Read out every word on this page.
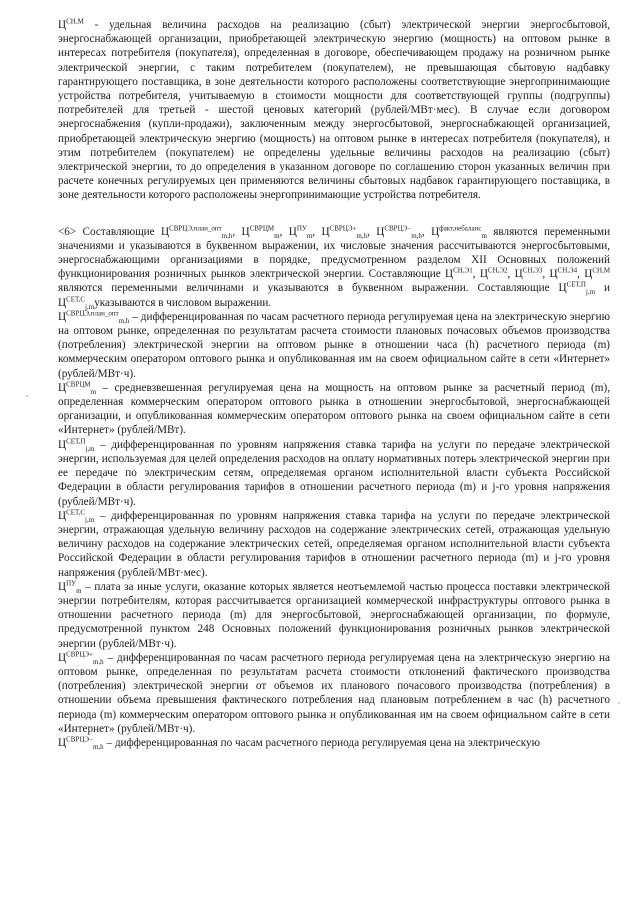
$Ц^{СН,М}$ - удельная величина расходов на реализацию (сбыт) электрической энергии энергосбытовой, энергоснабжающей организации, приобретающей электрическую энергию (мощность) на оптовом рынке в интересах потребителя (покупателя), определенная в договоре, обеспечивающем продажу на розничном рынке электрической энергии, с таким потребителем (покупателем), не превышающая сбытовую надбавку гарантирующего поставщика, в зоне деятельности которого расположены соответствующие энергопринимающие устройства потребителя, учитываемую в стоимости мощности для соответствующей группы (подгруппы) потребителей для третьей - шестой ценовых категорий (рублей/МВт·мес). В случае если договором энергоснабжения (купли-продажи), заключенным между энергосбытовой, энергоснабжающей организацией, приобретающей электрическую энергию (мощность) на оптовом рынке в интересах потребителя (покупателя), и этим потребителем (покупателем) не определены удельные величины расходов на реализацию (сбыт) электрической энергии, то до определения в указанном договоре по соглашению сторон указанных величин при расчете конечных регулируемых цен применяются величины сбытовых надбавок гарантирующего поставщика, в зоне деятельности которого расположены энергопринимающие устройства потребителя.

<6> Составляющие $Ц^{СВРЦЭ,план\_опт}_{m,h}$, $Ц^{СВРЦМ}_m$, $Ц^{ПУ}_m$, $Ц^{СВРЦЭ+}_{m,h}$, $Ц^{СВРЦЭ-}_{m,h}$, $Ц^{факт,небаланс}_m$ являются переменными значениями и указываются в буквенном выражении, их числовые значения рассчитываются энергосбытовыми, энергоснабжающими организациями в порядке, предусмотренном разделом XII Основных положений функционирования розничных рынков электрической энергии. Составляющие $Ц^{СН,Э1}$, $Ц^{СН,Э2}$, $Ц^{СН,Э3}$, $Ц^{СН,Э4}$, $Ц^{СН,М}$ являются переменными величинами и указываются в буквенном выражении. Составляющие $Ц^{СЕТ,П}_{j,m}$ и $Ц^{СЕТ,С}_{j,m}указываются$ в числовом выражении.

$Ц^{СВРЦЭ,план\_опт}_{m,h}$ – дифференцированная по часам расчетного периода регулируемая цена на электрическую энергию на оптовом рынке, определенная по результатам расчета стоимости плановых почасовых объемов производства (потребления) электрической энергии на оптовом рынке в отношении часа (h) расчетного периода (m) коммерческим оператором оптового рынка и опубликованная им на своем официальном сайте в сети «Интернет» (рублей/МВт·ч).

$Ц^{СВРЦМ}_m$ – средневзвешенная регулируемая цена на мощность на оптовом рынке за расчетный период (m), определенная коммерческим оператором оптового рынка в отношении энергосбытовой, энергоснабжающей организации, и опубликованная коммерческим оператором оптового рынка на своем официальном сайте в сети «Интернет» (рублей/МВт).

$Ц^{СЕТ,П}_{j,m}$ – дифференцированная по уровням напряжения ставка тарифа на услуги по передаче электрической энергии, используемая для целей определения расходов на оплату нормативных потерь электрической энергии при ее передаче по электрическим сетям, определяемая органом исполнительной власти субъекта Российской Федерации в области регулирования тарифов в отношении расчетного периода (m) и j-го уровня напряжения (рублей/МВт·ч).

$Ц^{СЕТ,С}_{j,m}$ – дифференцированная по уровням напряжения ставка тарифа на услуги по передаче электрической энергии, отражающая удельную величину расходов на содержание электрических сетей, отражающая удельную величину расходов на содержание электрических сетей, определяемая органом исполнительной власти субъекта Российской Федерации в области регулирования тарифов в отношении расчетного периода (m) и j-го уровня напряжения (рублей/МВт·мес).

$Ц^{ПУ}_m$ – плата за иные услуги, оказание которых является неотъемлемой частью процесса поставки электрической энергии потребителям, которая рассчитывается организацией коммерческой инфраструктуры оптового рынка в отношении расчетного периода (m) для энергосбытовой, энергоснабжающей организации, по формуле, предусмотренной пунктом 248 Основных положений функционирования розничных рынков электрической энергии (рублей/МВт·ч).

$Ц^{СВРЦЭ+}_{m,h}$ – дифференцированная по часам расчетного периода регулируемая цена на электрическую энергию на оптовом рынке, определенная по результатам расчета стоимости отклонений фактического производства (потребления) электрической энергии от объемов их планового почасового производства (потребления) в отношении объема превышения фактического потребления над плановым потреблением в час (h) расчетного периода (m) коммерческим оператором оптового рынка и опубликованная им на своем официальном сайте в сети «Интернет» (рублей/МВт·ч).

$Ц^{СВРЦЭ-}_{m,h}$ – дифференцированная по часам расчетного периода регулируемая цена на электрическую
